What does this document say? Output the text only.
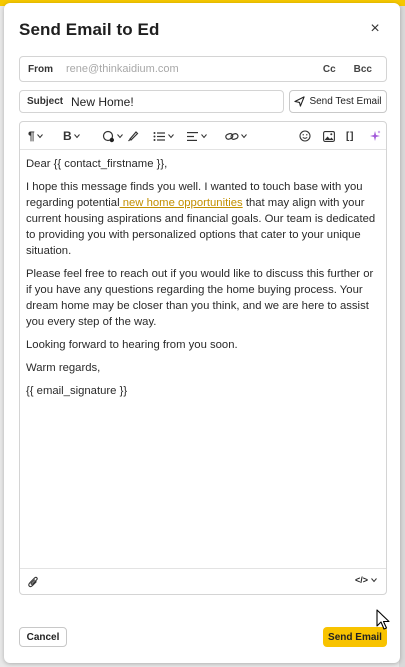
Send Email to Ed	×
From	rene@thinkaidium.com	Cc Bcc
Subject New Home!	Send Test Email
¶ B	[ ]

Dear {{ contact_firstname }},

I hope this message finds you well. I wanted to touch base with you regarding potential new home opportunities that may align with your current housing aspirations and financial goals. Our team is dedicated to providing you with personalized options that cater to your unique situation.

Please feel free to reach out if you would like to discuss this further or if you have any questions regarding the home buying process. Your dream home may be closer than you think, and we are here to assist you every step of the way.

Looking forward to hearing from you soon.

Warm regards,

{{ email_signature }}

</>
Cancel	Send Email
